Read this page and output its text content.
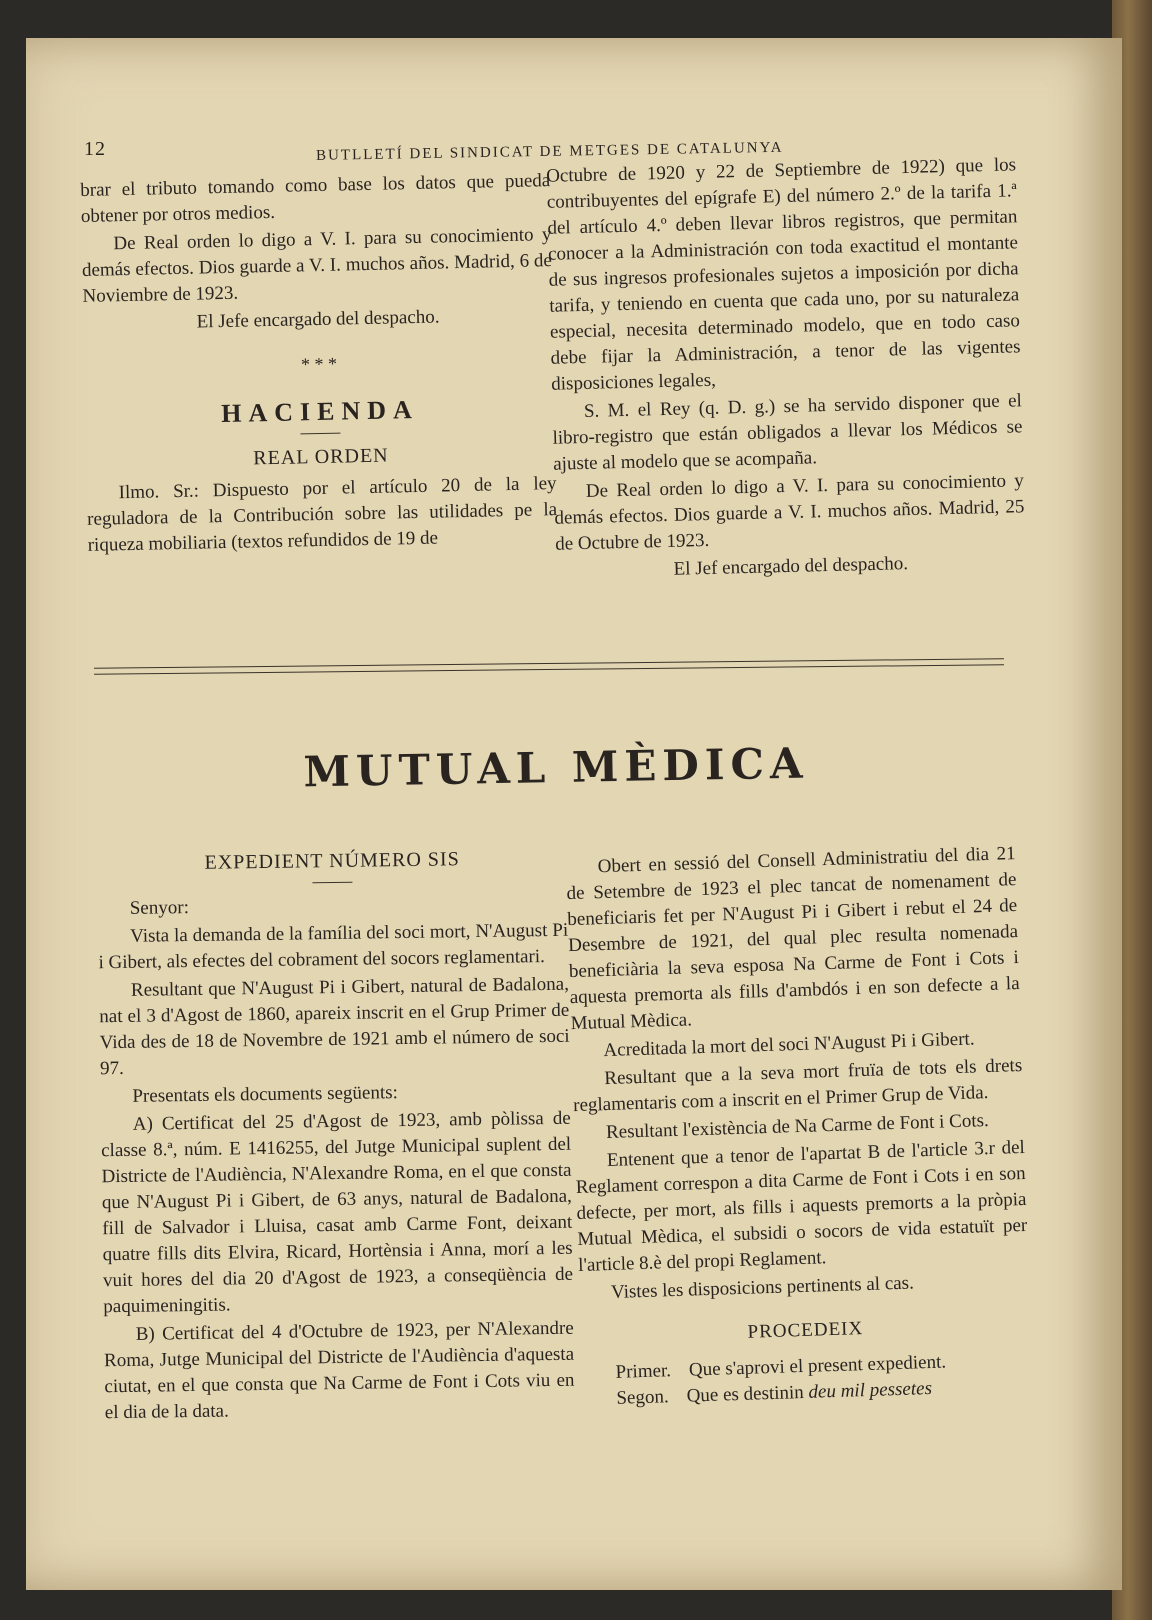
12	BUTLLETÍ DEL SINDICAT DE METGES DE CATALUNYA

brar el tributo tomando como base los datos que pueda obtener por otros medios.

De Real orden lo digo a V. I. para su conocimiento y demás efectos. Dios guarde a V. I. muchos años. Madrid, 6 de Noviembre de 1923.

El Jefe encargado del despacho.

* * *
HACIENDA
REAL ORDEN

Ilmo. Sr.: Dispuesto por el artículo 20 de la ley reguladora de la Contribución sobre las utilidades pe la riqueza mobiliaria (textos refundidos de 19 de

Octubre de 1920 y 22 de Septiembre de 1922) que los contribuyentes del epígrafe E) del número 2.º de la tarifa 1.ª del artículo 4.º deben llevar libros registros, que permitan conocer a la Administración con toda exactitud el montante de sus ingresos profesionales sujetos a imposición por dicha tarifa, y teniendo en cuenta que cada uno, por su naturaleza especial, necesita determinado modelo, que en todo caso debe fijar la Administración, a tenor de las vigentes disposiciones legales,

S. M. el Rey (q. D. g.) se ha servido disponer que el libro-registro que están obligados a llevar los Médicos se ajuste al modelo que se acompaña.

De Real orden lo digo a V. I. para su conocimiento y demás efectos. Dios guarde a V. I. muchos años. Madrid, 25 de Octubre de 1923.

El Jef encargado del despacho.

MUTUAL MÈDICA
EXPEDIENT NÚMERO SIS

Senyor:

Vista la demanda de la família del soci mort, N'August Pi i Gibert, als efectes del cobrament del socors reglamentari.

Resultant que N'August Pi i Gibert, natural de Badalona, nat el 3 d'Agost de 1860, apareix inscrit en el Grup Primer de Vida des de 18 de Novembre de 1921 amb el número de soci 97.

Presentats els documents següents:

A) Certificat del 25 d'Agost de 1923, amb pòlissa de classe 8.ª, núm. E 1416255, del Jutge Municipal suplent del Districte de l'Audiència, N'Alexandre Roma, en el que consta que N'August Pi i Gibert, de 63 anys, natural de Badalona, fill de Salvador i Lluisa, casat amb Carme Font, deixant quatre fills dits Elvira, Ricard, Hortènsia i Anna, morí a les vuit hores del dia 20 d'Agost de 1923, a conseqüència de paquimeningitis.

B) Certificat del 4 d'Octubre de 1923, per N'Alexandre Roma, Jutge Municipal del Districte de l'Audiència d'aquesta ciutat, en el que consta que Na Carme de Font i Cots viu en el dia de la data.

Obert en sessió del Consell Administratiu del dia 21 de Setembre de 1923 el plec tancat de nomenament de beneficiaris fet per N'August Pi i Gibert i rebut el 24 de Desembre de 1921, del qual plec resulta nomenada beneficiària la seva esposa Na Carme de Font i Cots i aquesta premorta als fills d'ambdós i en son defecte a la Mutual Mèdica.

Acreditada la mort del soci N'August Pi i Gibert.

Resultant que a la seva mort fruïa de tots els drets reglamentaris com a inscrit en el Primer Grup de Vida.

Resultant l'existència de Na Carme de Font i Cots.

Entenent que a tenor de l'apartat B de l'article 3.r del Reglament correspon a dita Carme de Font i Cots i en son defecte, per mort, als fills i aquests premorts a la pròpia Mutual Mèdica, el subsidi o socors de vida estatuït per l'article 8.è del propi Reglament.

Vistes les disposicions pertinents al cas.

PROCEDEIX
Primer. Que s'aprovi el present expedient.
Segon. Que es destinin deu mil pessetes
